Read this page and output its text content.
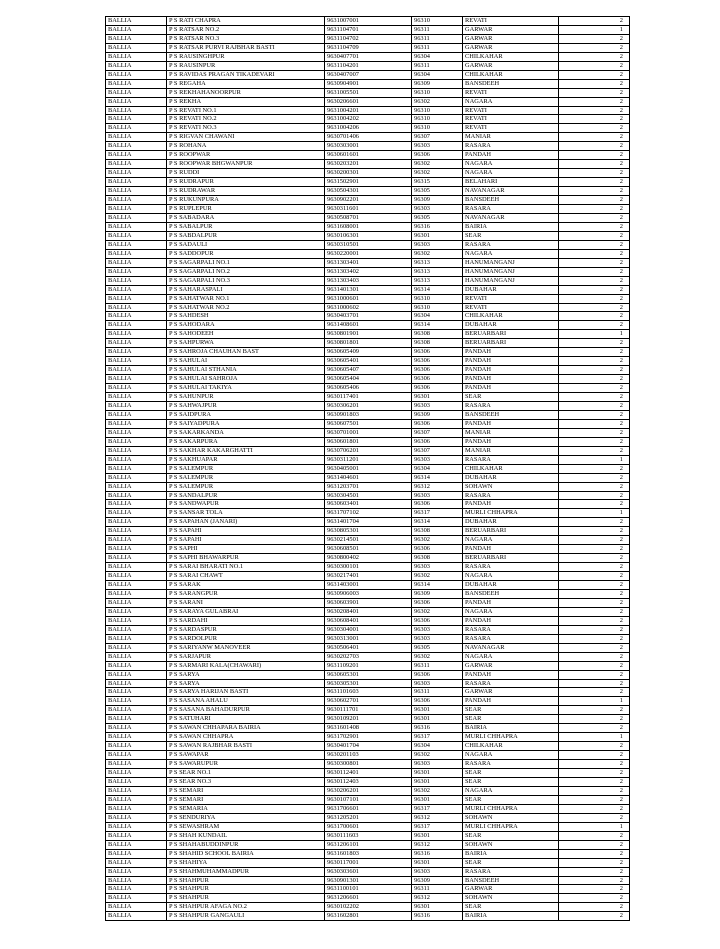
BALLIA	P S RATI CHAPRA	9631007001	96310	REVATI	2
BALLIA	P S RATSAR NO.2	9631104701	96311	GARWAR	1
BALLIA	P S RATSAR NO.3	9631104702	96311	GARWAR	2
BALLIA	P S RATSAR PURVI RAJBHAR BASTI	9631104709	96311	GARWAR	2
BALLIA	P S RAUSINGHPUR	9630407701	96304	CHILKAHAR	2
BALLIA	P S RAUSINPUR	9631104201	96311	GARWAR	2
BALLIA	P S RAVIDAS PRAGAN TIKADEVARI	9630407007	96304	CHILKAHAR	2
BALLIA	P S REGAHA	9630904901	96309	BANSDEEH	2
BALLIA	P S REKHAHANOORPUR	9631005501	96310	REVATI	2
BALLIA	P S REKHA	9630206601	96302	NAGARA	2
BALLIA	P S REVATI NO.1	9631004201	96310	REVATI	2
BALLIA	P S REVATI NO.2	9631004202	96310	REVATI	2
BALLIA	P S REVATI NO.3	9631004206	96310	REVATI	2
BALLIA	P S RIGVAN CHAWANI	9630701406	96307	MANIAR	2
BALLIA	P S ROHANA	9630303001	96303	RASARA	2
BALLIA	P S ROOPWAR	9630601601	96306	PANDAH	2
BALLIA	P S ROOPWAR BHGWANPUR	9630203201	96302	NAGARA	2
BALLIA	P S RUDDI	9630200301	96302	NAGARA	2
BALLIA	P S RUDRAPUR	9631502901	96315	BELAHARI	2
BALLIA	P S RUDRAWAR	9630504301	96305	NAVANAGAR	2
BALLIA	P S RUKUNPURA	9630902201	96309	BANSDEEH	2
BALLIA	P S RUPLEPUR	9630311601	96303	RASARA	2
BALLIA	P S SABADARA	9630508701	96305	NAVANAGAR	2
BALLIA	P S SABALPUR	9631608001	96316	BAIRIA	2
BALLIA	P S SABDALPUR	9630106301	96301	SEAR	2
BALLIA	P S SADAULI	9630310501	96303	RASARA	2
BALLIA	P S SADDOPUR	9630220001	96302	NAGARA	2
BALLIA	P S SAGARPALI NO.1	9631303401	96313	HANUMANGANJ	2
BALLIA	P S SAGARPALI NO.2	9631303402	96313	HANUMANGANJ	2
BALLIA	P S SAGARPALI NO.3	9631303403	96313	HANUMANGANJ	2
BALLIA	P S SAHARASPALI	9631401301	96314	DUBAHAR	2
BALLIA	P S SAHATWAR NO.1	9631000601	96310	REVATI	2
BALLIA	P S SAHATWAR NO.2	9631000602	96310	REVATI	2
BALLIA	P S SAHDESH	9630403701	96304	CHILKAHAR	2
BALLIA	P S SAHODARA	9631408601	96314	DUBAHAR	2
BALLIA	P S SAHODEEH	9630801901	96308	BERUARBARI	1
BALLIA	P S SAHPURWA	9630801801	96308	BERUARBARI	2
BALLIA	P S SAHROJA CHAUHAN BAST	9630605409	96306	PANDAH	2
BALLIA	P S SAHULAI	9630605401	96306	PANDAH	2
BALLIA	P S SAHULAI STHANIA	9630605407	96306	PANDAH	2
BALLIA	P S SAHULAI SAHROJA	9630605404	96306	PANDAH	2
BALLIA	P S SAHULAI TAKIYA	9630605406	96306	PANDAH	2
BALLIA	P S SAHUNPUR	9630117401	96301	SEAR	2
BALLIA	P S SAHWAJPUR	9630306201	96303	RASARA	2
BALLIA	P S SAIDPURA	9630901803	96309	BANSDEEH	2
BALLIA	P S SAIYADPURA	9630607501	96306	PANDAH	2
BALLIA	P S SAKARKANDA	9630701001	96307	MANIAR	2
BALLIA	P S SAKARPURA	9630601801	96306	PANDAH	2
BALLIA	P S SAKHAR KAKARGHATTI	9630706201	96307	MANIAR	2
BALLIA	P S SAKHUAPAR	9630311201	96303	RASARA	1
BALLIA	P S SALEMPUR	9630405001	96304	CHILKAHAR	2
BALLIA	P S SALEMPUR	9631404601	96314	DUBAHAR	2
BALLIA	P S SALEMPUR	9631203701	96312	SOHAWN	2
BALLIA	P S SANDALPUR	9630304501	96303	RASARA	2
BALLIA	P S SANDWAPUR	9630603401	96306	PANDAH	2
BALLIA	P S SANSAR TOLA	9631707102	96317	MURLI CHHAPRA	1
BALLIA	P S SAPAHAN (JANARI)	9631401704	96314	DUBAHAR	2
BALLIA	P S SAPAHI	9630805301	96308	BERUARBARI	2
BALLIA	P S SAPAHI	9630214501	96302	NAGARA	2
BALLIA	P S SAPHI	9630608501	96306	PANDAH	2
BALLIA	P S SAPHI BHAWARPUR	9630800402	96308	BERUARBARI	2
BALLIA	P S SARAI BHARATI NO.1	9630300101	96303	RASARA	2
BALLIA	P S SARAI CHAWT	9630217401	96302	NAGARA	2
BALLIA	P S SARAK	9631403001	96314	DUBAHAR	2
BALLIA	P S SARANGPUR	9630906003	96309	BANSDEEH	2
BALLIA	P S SARANI	9630603901	96306	PANDAH	2
BALLIA	P S SARAYA GULABRAI	9630208401	96302	NAGARA	2
BALLIA	P S SARDAHI	9630608401	96306	PANDAH	2
BALLIA	P S SARDASPUR	9630304001	96303	RASARA	2
BALLIA	P S SARDOLPUR	9630313001	96303	RASARA	2
BALLIA	P S SARIYANW MANOVEER	9630506401	96305	NAVANAGAR	2
BALLIA	P S SARJAPUR	9630202703	96302	NAGARA	2
BALLIA	P S SARMARI KALA(CHAWARI)	9631109201	96311	GARWAR	2
BALLIA	P S SARYA	9630605301	96306	PANDAH	2
BALLIA	P S SARYA	9630305301	96303	RASARA	2
BALLIA	P S SARYA HARIJAN BASTI	9631101603	96311	GARWAR	2
BALLIA	P S SASANA AHALU	9630602701	96306	PANDAH	1
BALLIA	P S SASANA BAHADURPUR	9630111701	96301	SEAR	2
BALLIA	P S SATUHARI	9630109201	96301	SEAR	2
BALLIA	P S SAWAN CHHAPARA BAIRIA	9631601408	96316	BAIRIA	2
BALLIA	P S SAWAN CHHAPRA	9631702901	96317	MURLI CHHAPRA	1
BALLIA	P S SAWAN RAJBHAR BASTI	9630401704	96304	CHILKAHAR	2
BALLIA	P S SAWAPAR	9630201103	96302	NAGARA	2
BALLIA	P S SAWARUPUR	9630300801	96303	RASARA	2
BALLIA	P S SEAR NO.1	9630112401	96301	SEAR	2
BALLIA	P S SEAR NO.3	9630112403	96301	SEAR	2
BALLIA	P S SEMARI	9630206201	96302	NAGARA	2
BALLIA	P S SEMARI	9630107101	96301	SEAR	2
BALLIA	P S SEMARIA	9631706601	96317	MURLI CHHAPRA	2
BALLIA	P S SENDURIYA	9631205201	96312	SOHAWN	2
BALLIA	P S SEWASHRAM	9631700601	96317	MURLI CHHAPRA	1
BALLIA	P S SHAH KUNDAIL	9630111603	96301	SEAR	2
BALLIA	P S SHAHABUDDINPUR	9631206101	96312	SOHAWN	2
BALLIA	P S SHAHID SCHOOL BAIRIA	9631601803	96316	BAIRIA	2
BALLIA	P S SHAHIYA	9630117001	96301	SEAR	2
BALLIA	P S SHAHMUHAMMADPUR	9630303601	96303	RASARA	2
BALLIA	P S SHAHPUR	9630901301	96309	BANSDEEH	2
BALLIA	P S SHAHPUR	9631100101	96311	GARWAR	2
BALLIA	P S SHAHPUR	9631206601	96312	SOHAWN	2
BALLIA	P S SHAHPUR AFAGA NO.2	9630102202	96301	SEAR	2
BALLIA	P S SHAHPUR GANGAULI	9631602801	96316	BAIRIA	2
